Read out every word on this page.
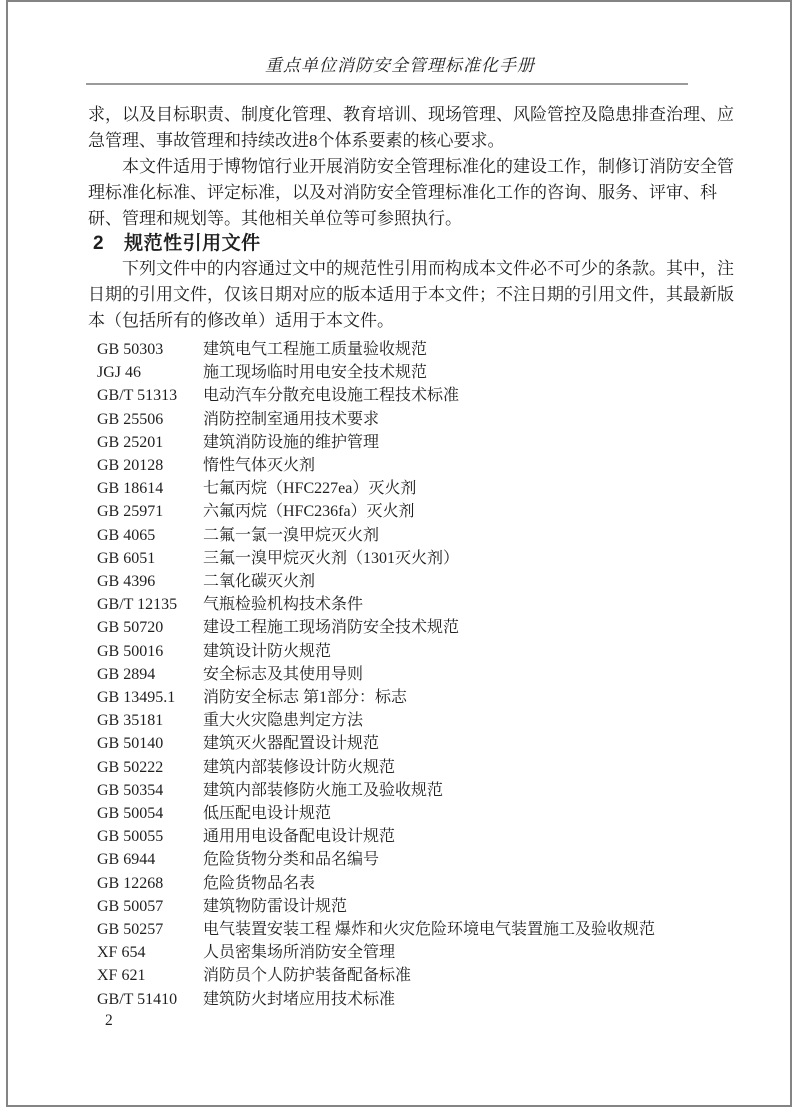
重点单位消防安全管理标准化手册
求，以及目标职责、制度化管理、教育培训、现场管理、风险管控及隐患排查治理、应
急管理、事故管理和持续改进8个体系要素的核心要求。
本文件适用于博物馆行业开展消防安全管理标准化的建设工作，制修订消防安全管
理标准化标准、评定标准，以及对消防安全管理标准化工作的咨询、服务、评审、科
研、管理和规划等。其他相关单位等可参照执行。
2 规范性引用文件
下列文件中的内容通过文中的规范性引用而构成本文件必不可少的条款。其中，注
日期的引用文件，仅该日期对应的版本适用于本文件；不注日期的引用文件，其最新版
本（包括所有的修改单）适用于本文件。
GB 50303	建筑电气工程施工质量验收规范
JGJ 46	施工现场临时用电安全技术规范
GB/T 51313	电动汽车分散充电设施工程技术标准
GB 25506	消防控制室通用技术要求
GB 25201	建筑消防设施的维护管理
GB 20128	惰性气体灭火剂
GB 18614	七氟丙烷（HFC227ea）灭火剂
GB 25971	六氟丙烷（HFC236fa）灭火剂
GB 4065	二氟一氯一溴甲烷灭火剂
GB 6051	三氟一溴甲烷灭火剂（1301灭火剂）
GB 4396	二氧化碳灭火剂
GB/T 12135	气瓶检验机构技术条件
GB 50720	建设工程施工现场消防安全技术规范
GB 50016	建筑设计防火规范
GB 2894	安全标志及其使用导则
GB 13495.1	消防安全标志 第1部分：标志
GB 35181	重大火灾隐患判定方法
GB 50140	建筑灭火器配置设计规范
GB 50222	建筑内部装修设计防火规范
GB 50354	建筑内部装修防火施工及验收规范
GB 50054	低压配电设计规范
GB 50055	通用用电设备配电设计规范
GB 6944	危险货物分类和品名编号
GB 12268	危险货物品名表
GB 50057	建筑物防雷设计规范
GB 50257	电气装置安装工程 爆炸和火灾危险环境电气装置施工及验收规范
XF 654	人员密集场所消防安全管理
XF 621	消防员个人防护装备配备标准
GB/T 51410	建筑防火封堵应用技术标准
2
